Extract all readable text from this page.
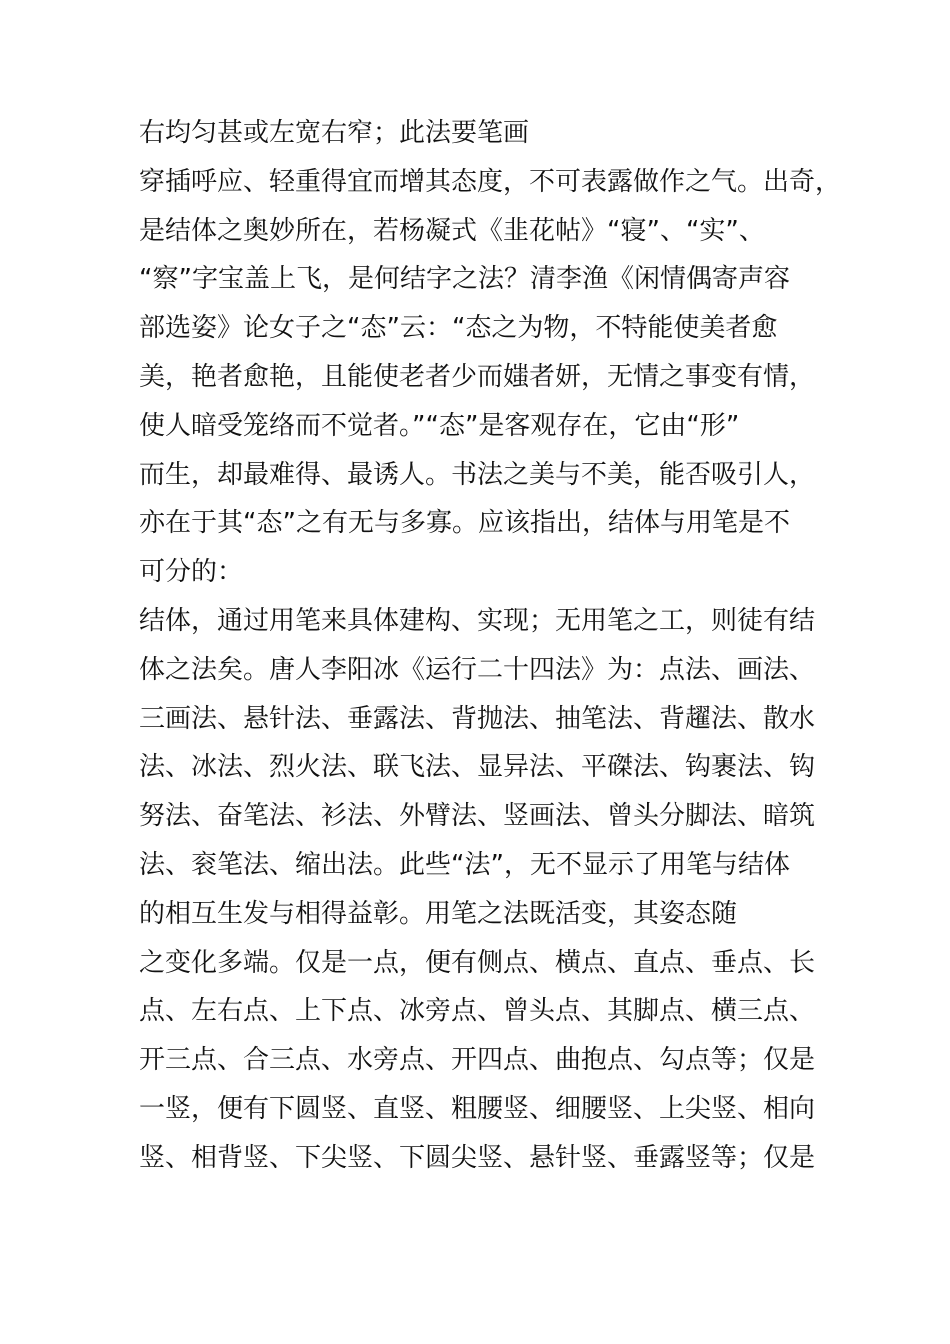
右均匀甚或左宽右窄；此法要笔画
穿插呼应、轻重得宜而增其态度，不可表露做作之气。出奇，
是结体之奥妙所在，若杨凝式《韭花帖》“寝”、“实”、
“察”字宝盖上飞，是何结字之法？清李渔《闲情偶寄声容
部选姿》论女子之“态”云：“态之为物，不特能使美者愈
美，艳者愈艳，且能使老者少而媸者妍，无情之事变有情，
使人暗受笼络而不觉者。”“态”是客观存在，它由“形”
而生，却最难得、最诱人。书法之美与不美，能否吸引人，
亦在于其“态”之有无与多寡。应该指出，结体与用笔是不
可分的：
结体，通过用笔来具体建构、实现；无用笔之工，则徒有结
体之法矣。唐人李阳冰《运行二十四法》为：点法、画法、
三画法、悬针法、垂露法、背抛法、抽笔法、背趯法、散水
法、冰法、烈火法、联飞法、显异法、平磔法、钩裹法、钩
努法、奋笔法、衫法、外臂法、竖画法、曾头分脚法、暗筑
法、衮笔法、缩出法。此些“法”，无不显示了用笔与结体
的相互生发与相得益彰。用笔之法既活变，其姿态随
之变化多端。仅是一点，便有侧点、横点、直点、垂点、长
点、左右点、上下点、冰旁点、曾头点、其脚点、横三点、
开三点、合三点、水旁点、开四点、曲抱点、勾点等；仅是
一竖，便有下圆竖、直竖、粗腰竖、细腰竖、上尖竖、相向
竖、相背竖、下尖竖、下圆尖竖、悬针竖、垂露竖等；仅是
